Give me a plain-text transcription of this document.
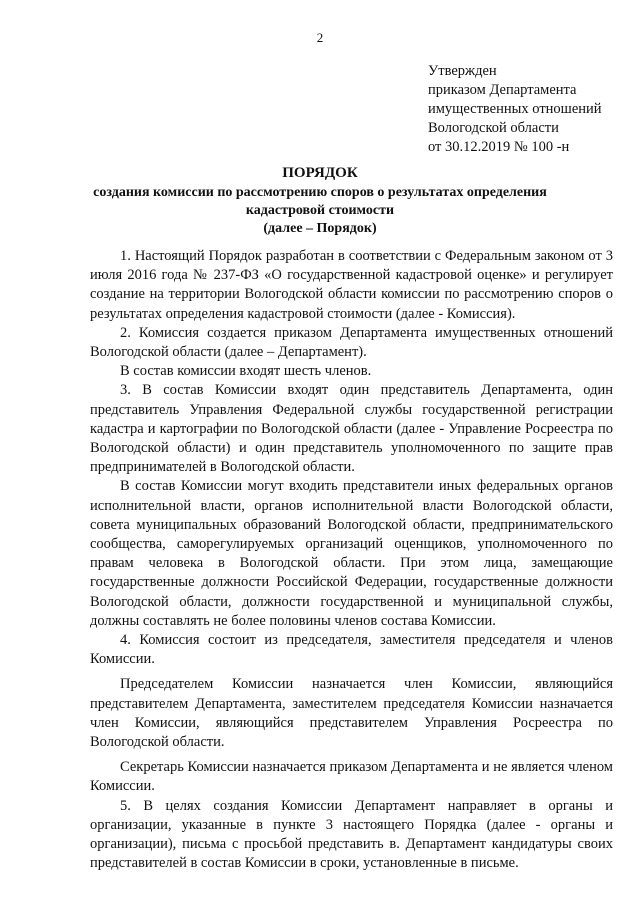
2
Утвержден
приказом Департамента
имущественных отношений
Вологодской области
от 30.12.2019 № 100 -н
ПОРЯДОК
создания комиссии по рассмотрению споров о результатах определения
кадастровой стоимости
(далее – Порядок)

1. Настоящий Порядок разработан в соответствии с Федеральным законом от 3 июля 2016 года № 237-ФЗ «О государственной кадастровой оценке» и регулирует создание на территории Вологодской области комиссии по рассмотрению споров о результатах определения кадастровой стоимости (далее - Комиссия).

2. Комиссия создается приказом Департамента имущественных отношений Вологодской области (далее – Департамент).

В состав комиссии входят шесть членов.

3. В состав Комиссии входят один представитель Департамента, один представитель Управления Федеральной службы государственной регистрации кадастра и картографии по Вологодской области (далее - Управление Росреестра по Вологодской области) и один представитель уполномоченного по защите прав предпринимателей в Вологодской области.

В состав Комиссии могут входить представители иных федеральных органов исполнительной власти, органов исполнительной власти Вологодской области, совета муниципальных образований Вологодской области, предпринимательского сообщества, саморегулируемых организаций оценщиков, уполномоченного по правам человека в Вологодской области. При этом лица, замещающие государственные должности Российской Федерации, государственные должности Вологодской области, должности государственной и муниципальной службы, должны составлять не более половины членов состава Комиссии.

4. Комиссия состоит из председателя, заместителя председателя и членов Комиссии.

Председателем Комиссии назначается член Комиссии, являющийся представителем Департамента, заместителем председателя Комиссии назначается член Комиссии, являющийся представителем Управления Росреестра по Вологодской области.

Секретарь Комиссии назначается приказом Департамента и не является членом Комиссии.

5. В целях создания Комиссии Департамент направляет в органы и организации, указанные в пункте 3 настоящего Порядка (далее - органы и организации), письма с просьбой представить в. Департамент кандидатуры своих представителей в состав Комиссии в сроки, установленные в письме.
